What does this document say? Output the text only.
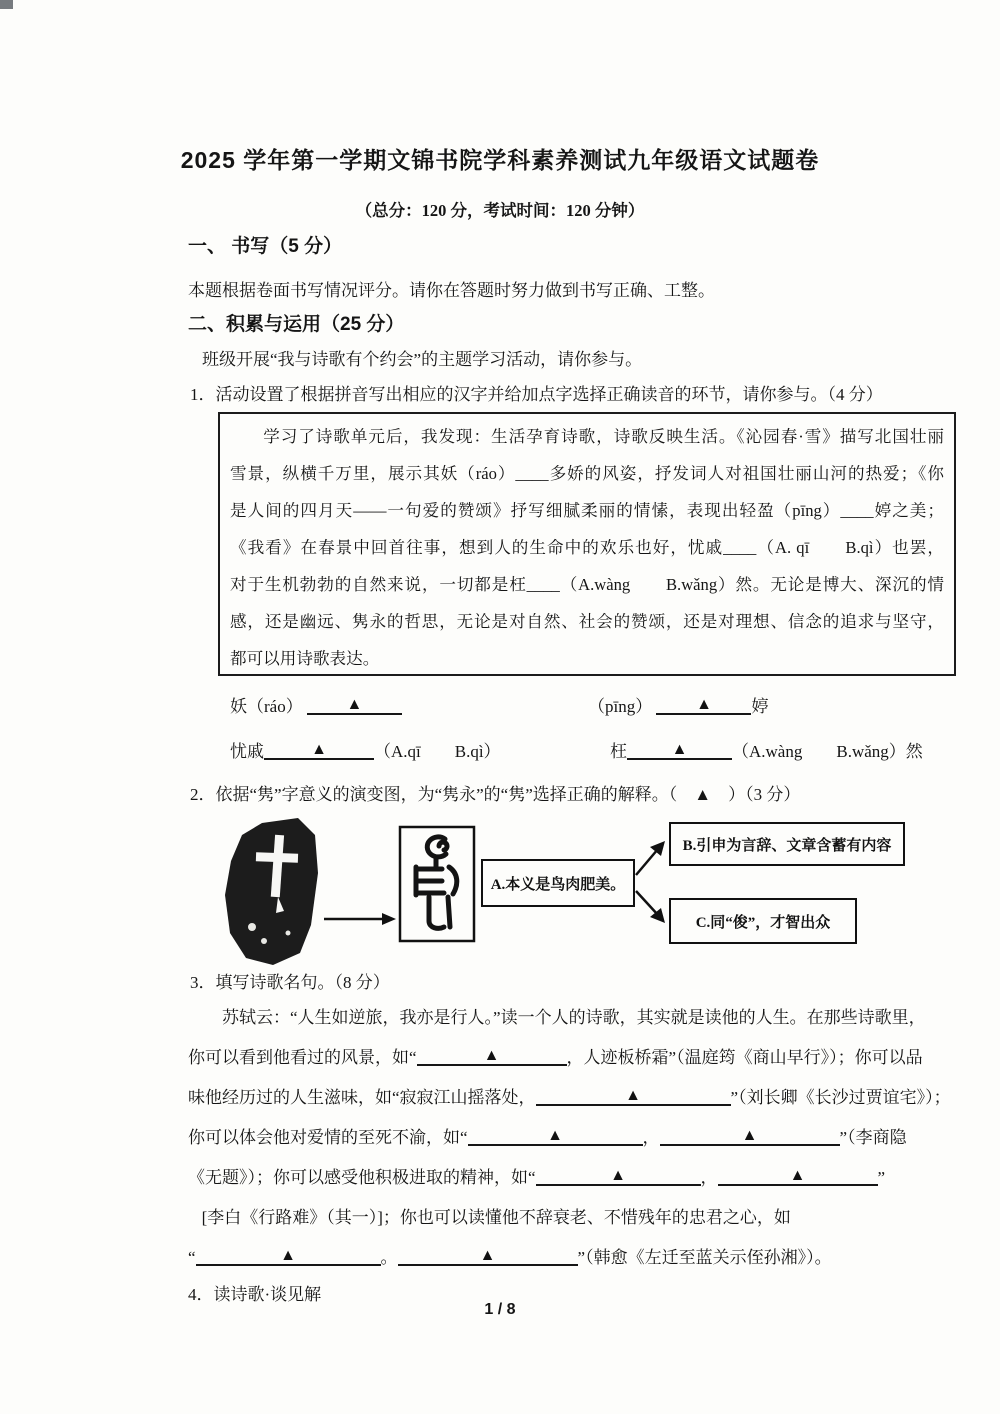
2025 学年第一学期文锦书院学科素养测试九年级语文试题卷
（总分：120 分，考试时间：120 分钟）
一、 书写（5 分）
本题根据卷面书写情况评分。请你在答题时努力做到书写正确、工整。
二、积累与运用（25 分）
班级开展“我与诗歌有个约会”的主题学习活动，请你参与。
1．活动设置了根据拼音写出相应的汉字并给加点字选择正确读音的环节，请你参与。（4 分）
学习了诗歌单元后，我发现：生活孕育诗歌，诗歌反映生活。《沁园春·雪》描写北国壮丽
雪景，纵横千万里，展示其妖（ráo）____多娇的风姿，抒发词人对祖国壮丽山河的热爱；《你
是人间的四月天——一句爱的赞颂》抒写细腻柔丽的情愫，表现出轻盈（pīng）____婷之美；
《我看》在春景中回首往事，想到人的生命中的欢乐也好，忧戚____（A. qī　　B.qì）也罢，
对于生机勃勃的自然来说，一切都是枉____（A.wàng　　B.wǎng）然。无论是博大、深沉的情
感，还是幽远、隽永的哲思，无论是对自然、社会的赞颂，还是对理想、信念的追求与坚守，
都可以用诗歌表达。
妖（ráo） ▲	（pīng） ▲ 婷
忧戚	▲	（A.qī　　B.qì）	枉	▲	（A.wàng　　B.wǎng）然
2．依据“隽”字意义的演变图，为“隽永”的“隽”选择正确的解释。（　▲　）（3 分）
A.本义是鸟肉肥美。
B.引申为言辞、文章含蓄有内容
C.同“俊”，才智出众
3．填写诗歌名句。（8 分）
苏轼云：“人生如逆旅，我亦是行人。”读一个人的诗歌，其实就是读他的人生。在那些诗歌里，
你可以看到他看过的风景，如“	▲	，人迹板桥霜”（温庭筠《商山早行》）；你可以品
味他经历过的人生滋味，如“寂寂江山摇落处，	▲	”（刘长卿《长沙过贾谊宅》）；
你可以体会他对爱情的至死不渝，如“	▲	，	▲	”（李商隐
《无题》）；你可以感受他积极进取的精神，如“	▲	，	▲	”
[李白《行路难》（其一）]；你也可以读懂他不辞衰老、不惜残年的忠君之心，如
“	▲	。	▲	”（韩愈《左迁至蓝关示侄孙湘》）。
4．读诗歌·谈见解
1 / 8
